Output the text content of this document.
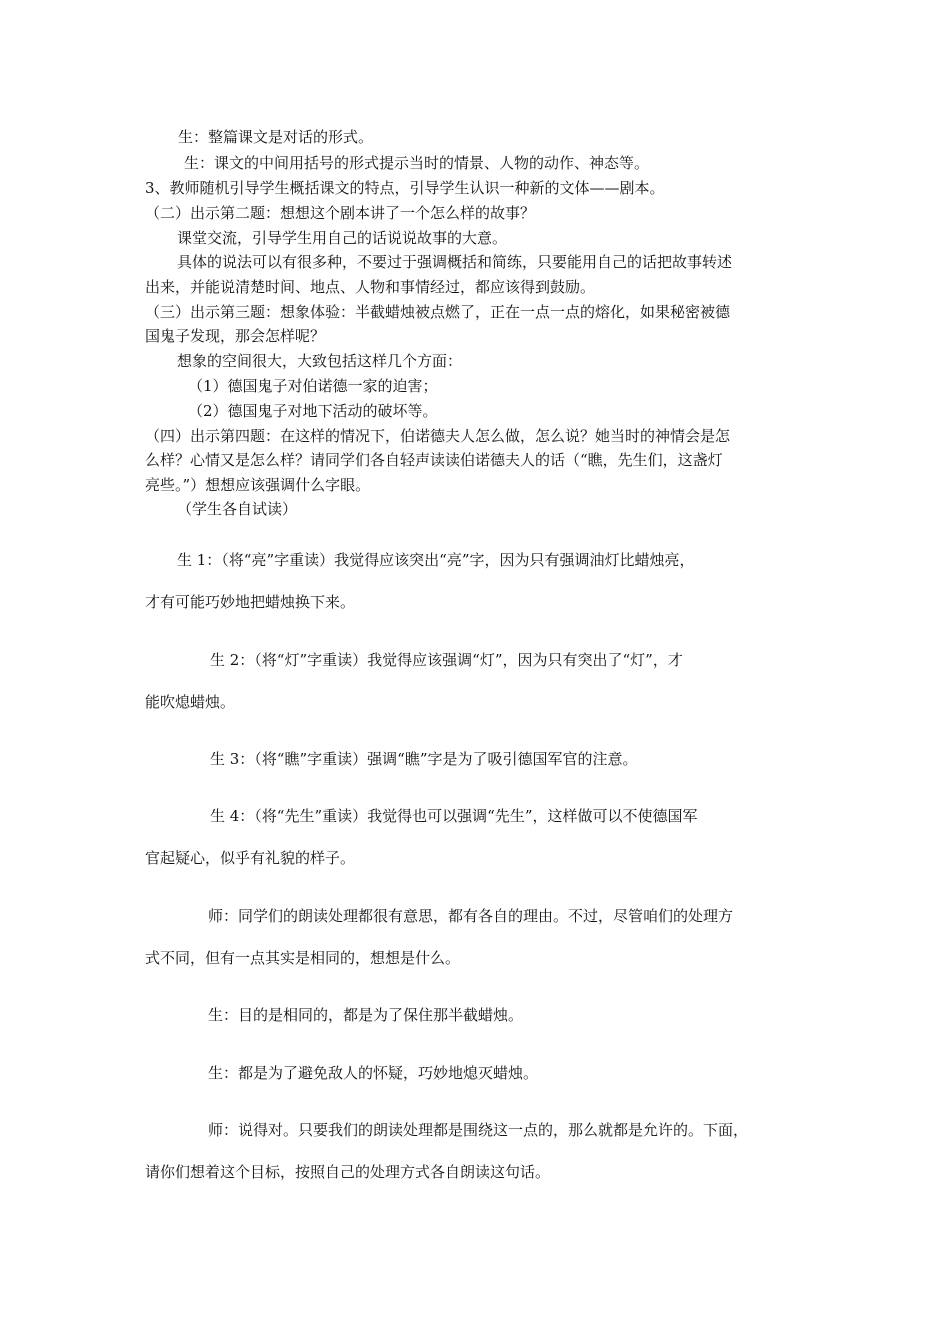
生：整篇课文是对话的形式。
生：课文的中间用括号的形式提示当时的情景、人物的动作、神态等。
3、教师随机引导学生概括课文的特点，引导学生认识一种新的文体——剧本。
（二）出示第二题：想想这个剧本讲了一个怎么样的故事？
课堂交流，引导学生用自己的话说说故事的大意。
具体的说法可以有很多种，不要过于强调概括和简练，只要能用自己的话把故事转述
出来，并能说清楚时间、地点、人物和事情经过，都应该得到鼓励。
（三）出示第三题：想象体验：半截蜡烛被点燃了，正在一点一点的熔化，如果秘密被德
国鬼子发现，那会怎样呢？
想象的空间很大，大致包括这样几个方面：
（1）德国鬼子对伯诺德一家的迫害；
（2）德国鬼子对地下活动的破坏等。
（四）出示第四题：在这样的情况下，伯诺德夫人怎么做，怎么说？她当时的神情会是怎
么样？心情又是怎么样？请同学们各自轻声读读伯诺德夫人的话（“瞧，先生们，这盏灯
亮些。”）想想应该强调什么字眼。
（学生各自试读）
生 1：（将“亮”字重读）我觉得应该突出“亮”字，因为只有强调油灯比蜡烛亮，
才有可能巧妙地把蜡烛换下来。
生 2：（将“灯”字重读）我觉得应该强调“灯”，因为只有突出了“灯”，才
能吹熄蜡烛。
生 3：（将“瞧”字重读）强调“瞧”字是为了吸引德国军官的注意。
生 4：（将“先生”重读）我觉得也可以强调“先生”，这样做可以不使德国军
官起疑心，似乎有礼貌的样子。
师：同学们的朗读处理都很有意思，都有各自的理由。不过，尽管咱们的处理方
式不同，但有一点其实是相同的，想想是什么。
生：目的是相同的，都是为了保住那半截蜡烛。
生：都是为了避免敌人的怀疑，巧妙地熄灭蜡烛。
师：说得对。只要我们的朗读处理都是围绕这一点的，那么就都是允许的。下面，
请你们想着这个目标，按照自己的处理方式各自朗读这句话。
